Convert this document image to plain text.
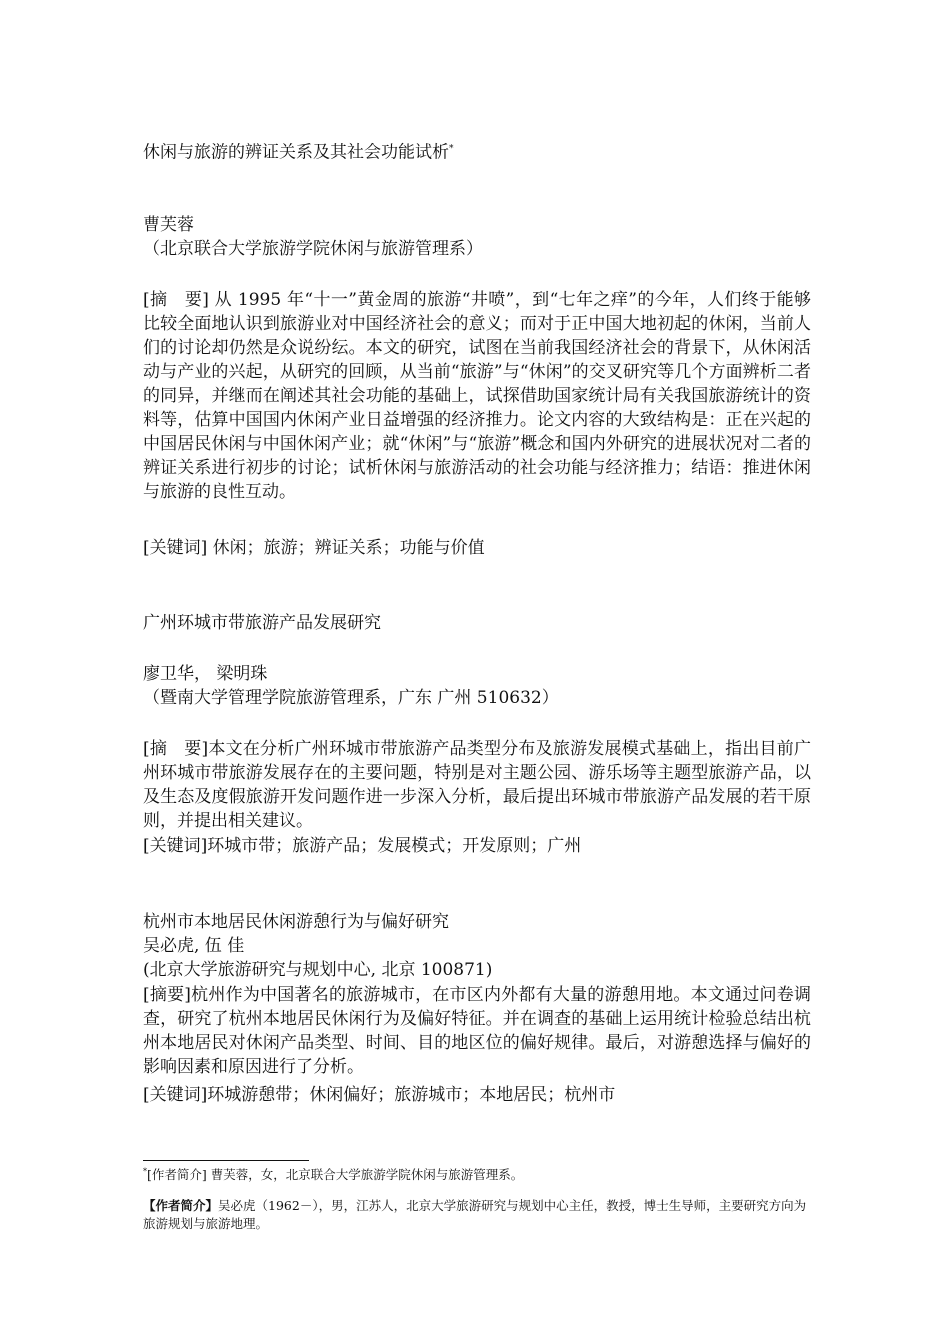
休闲与旅游的辨证关系及其社会功能试析*

曹芙蓉

（北京联合大学旅游学院休闲与旅游管理系）

[摘　要] 从 1995 年“十一”黄金周的旅游“井喷”，到“七年之痒”的今年，人们终于能够比较全面地认识到旅游业对中国经济社会的意义；而对于正中国大地初起的休闲，当前人们的讨论却仍然是众说纷纭。本文的研究，试图在当前我国经济社会的背景下，从休闲活动与产业的兴起，从研究的回顾，从当前“旅游”与“休闲”的交叉研究等几个方面辨析二者的同异，并继而在阐述其社会功能的基础上，试探借助国家统计局有关我国旅游统计的资料等，估算中国国内休闲产业日益增强的经济推力。论文内容的大致结构是：正在兴起的中国居民休闲与中国休闲产业；就“休闲”与“旅游”概念和国内外研究的进展状况对二者的辨证关系进行初步的讨论；试析休闲与旅游活动的社会功能与经济推力；结语：推进休闲与旅游的良性互动。

[关键词] 休闲；旅游；辨证关系；功能与价值

广州环城市带旅游产品发展研究

廖卫华， 梁明珠

（暨南大学管理学院旅游管理系，广东 广州 510632）

[摘　要]本文在分析广州环城市带旅游产品类型分布及旅游发展模式基础上，指出目前广州环城市带旅游发展存在的主要问题，特别是对主题公园、游乐场等主题型旅游产品，以及生态及度假旅游开发问题作进一步深入分析，最后提出环城市带旅游产品发展的若干原则，并提出相关建议。

[关键词]环城市带；旅游产品；发展模式；开发原则；广州

杭州市本地居民休闲游憩行为与偏好研究

吴必虎, 伍 佳

(北京大学旅游研究与规划中心, 北京 100871)

[摘要]杭州作为中国著名的旅游城市，在市区内外都有大量的游憩用地。本文通过问卷调查，研究了杭州本地居民休闲行为及偏好特征。并在调查的基础上运用统计检验总结出杭州本地居民对休闲产品类型、时间、目的地区位的偏好规律。最后，对游憩选择与偏好的影响因素和原因进行了分析。

[关键词]环城游憩带；休闲偏好；旅游城市；本地居民；杭州市

*[作者简介] 曹芙蓉，女，北京联合大学旅游学院休闲与旅游管理系。

【作者简介】吴必虎（1962－），男，江苏人，北京大学旅游研究与规划中心主任，教授，博士生导师，主要研究方向为旅游规划与旅游地理。
